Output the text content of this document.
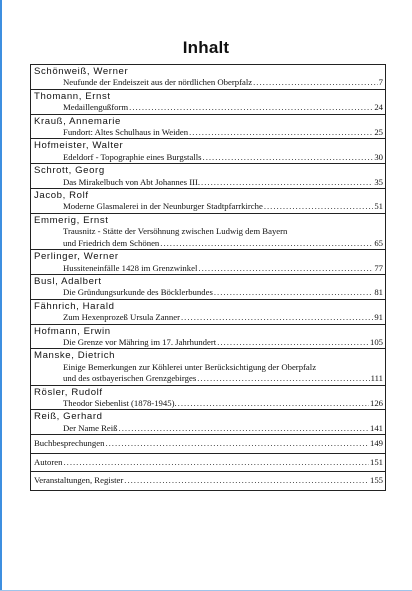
Inhalt
Schönweiß, Werner
Neufunde der Endeiszeit aus der nördlichen Oberpfalz .....	7
Thomann, Ernst
Medaillengußform .....	24
Krauß, Annemarie
Fundort: Altes Schulhaus in Weiden .....	25
Hofmeister, Walter
Edeldorf - Topographie eines Burgstalls .....	30
Schrott, Georg
Das Mirakelbuch von Abt Johannes III. .....	35
Jacob, Rolf
Moderne Glasmalerei in der Neunburger Stadtpfarrkirche .....	51
Emmerig, Ernst
Trausnitz - Stätte der Versöhnung zwischen Ludwig dem Bayern
und Friedrich dem Schönen .....	65
Perlinger, Werner
Hussiteneinfälle 1428 im Grenzwinkel .....	77
Busl, Adalbert
Die Gründungsurkunde des Böcklerbundes .....	81
Fähnrich, Harald
Zum Hexenprozeß Ursula Zanner .....	91
Hofmann, Erwin
Die Grenze vor Mähring im 17. Jahrhundert .....	105
Manske, Dietrich
Einige Bemerkungen zur Köhlerei unter Berücksichtigung der Oberpfalz
und des ostbayerischen Grenzgebirges .....	111
Rösler, Rudolf
Theodor Siebenlist (1878-1945). .....	126
Reiß, Gerhard
Der Name Reiß .....	141
Buchbesprechungen .....	149
Autoren .....	151
Veranstaltungen, Register .....	155
